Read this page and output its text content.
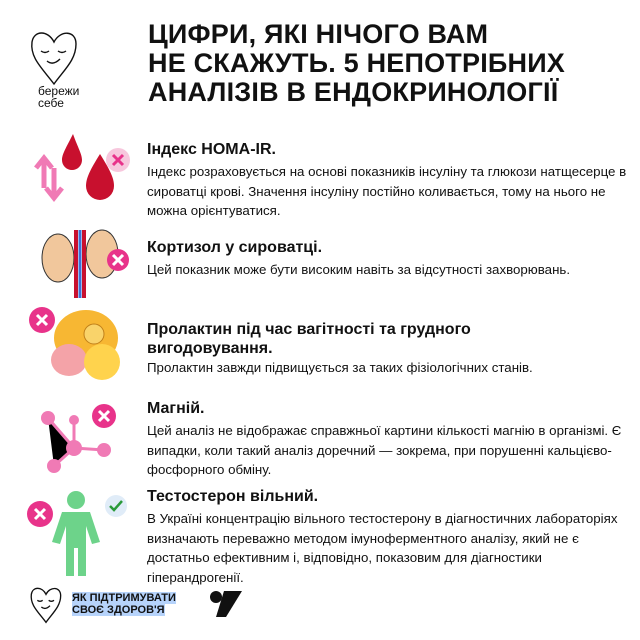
бережи
себе
ЦИФРИ, ЯКІ НІЧОГО ВАМ
НЕ СКАЖУТЬ. 5 НЕПОТРІБНИХ
АНАЛІЗІВ В ЕНДОКРИНОЛОГІЇ
Індекс HOMA-IR.

Індекс розраховується на основі показників інсуліну та глюкози натщесерце в сироватці крові. Значення інсуліну постійно коливається, тому на нього не можна орієнтуватися.

Кортизол у сироватці.

Цей показник може бути високим навіть за відсутності захворювань.

Пролактин під час вагітності та грудного вигодовування.

Пролактин завжди підвищується за таких фізіологічних станів.

Магній.

Цей аналіз не відображає справжньої картини кількості магнію в організмі. Є випадки, коли такий аналіз доречний — зокрема, при порушенні кальцієво-фосфорного обміну.

Тестостерон вільний.

В Україні концентрацію вільного тестостерону в діагностичних лабораторіях визначають переважно методом імуноферментного аналізу, який не є достатньо ефективним і, відповідно, показовим для діагностики гіперандрогенії.

ЯК ПІДТРИМУВАТИ
СВОЄ ЗДОРОВ'Я
